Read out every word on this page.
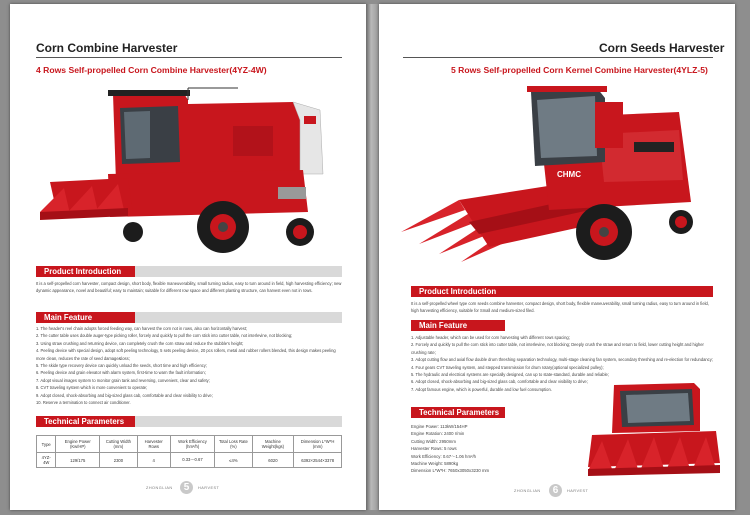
Corn Combine Harvester
4 Rows Self-propelled Corn Combine Harvester(4YZ-4W)
Product Introduction
It is a self-propelled corn harvester, compact design, short body, flexible maneuverability, small turning radius, easy to turn around in field, high harvesting efficiency; new dynamic appearance, novel and beautiful; easy to maintain; suitable for different row space and different planting structure, can harvest even not in rows.
Main Feature
1. The header's reel chain adopts forced feeding way, can harvest the corn not in rows, also can horizontally harvest;
2. The cutter table uses double auger-type picking roller, forcely and quickly to pull the corn stick into cutter table, not interlevine, not blocking;
3. Using straw crushing and returning device, can completely crush the corn straw and reduce the stubble's height;
4. Peeling device with special design, adopt soft peeling technology, 5 sets peeling device, 20 pcs rollers, metal and rubber rollers blended, this design makes peeling more clean, reduces the rate of seed damage&loss;
5. The skide type recovery device can quickly unload the seeds, short time and high efficiency;
6. Peeling device and grain elevator with alarm system, first-time to warn the fault information;
7. Adopt visual images system to monitor grain tank and reversing, convenient, clear and safety;
8. CVT traveling system which is more convenient to operate;
9. Adopt closed, shock-absorbing and big-sized glass cab, comfortable and clear visibility to drive;
10. Reserve a termination to connect air conditioner.
Technical Parameters
Type	Engine Power (Kw/HP)	Cutting Width (mm)	Harvester Rows	Work Efficiency (hm²/h)	Total Loss Rate (%)	Machine Weight(kgs)	Dimension L*W*H (mm)
4YZ-4W	129/175	2300	4	0.33～0.67	≤4%	6020	6392×2544×3378
ZHONGLIAN	5	HARVEST
Corn Seeds Harvester
5 Rows Self-propelled Corn Kernel Combine Harvester(4YLZ-5)
CHMC
Product Introduction
It is a self-propelled wheel type corn seeds combine harvester, compact design, short body, flexible maneuverability, small turning radius, easy to turn around in field, high harvesting efficiency, suitable for Small and medium-sized filed.
Main Feature
1. Adjustable header, which can be used for corn harvesting with different rows spacing;
2. Forcely and quickly to pull the corn stick into cutter table, not interlevine, not blocking; Deeply crush the straw and return to field, lower cutting height and higher crushing rate;
3. Adopt cutting flow and axial flow double drum threshing separation technology, multi-stage cleaning fan system, secondary threshing and re-election for redundancy;
4. Four gears CVT traveling system, and stepped transmission for drum rotary(optional specialized pulley);
5. The hydraulic and electrical systems are specially designed, can up to state-standard, durable and reliable;
6. Adopt closed, shock-absorbing and big-sized glass cab, comfortable and clear visibility to drive;
7. Adopt famous engine, which is powerful, durable and low fuel consumption.
Technical Parameters
Engine Power: 113kW/154HP
Engine Rotation: 2400 r/min
Cutting Width: 2950mm
Harvester Rows: 5 rows
Work Efficiency: 0.67～1.06 hm²/h
Machine Weight: 5890kg
Dimension L*W*H: 7650x3050x3230 mm
ZHONGLIAN	6	HARVEST
